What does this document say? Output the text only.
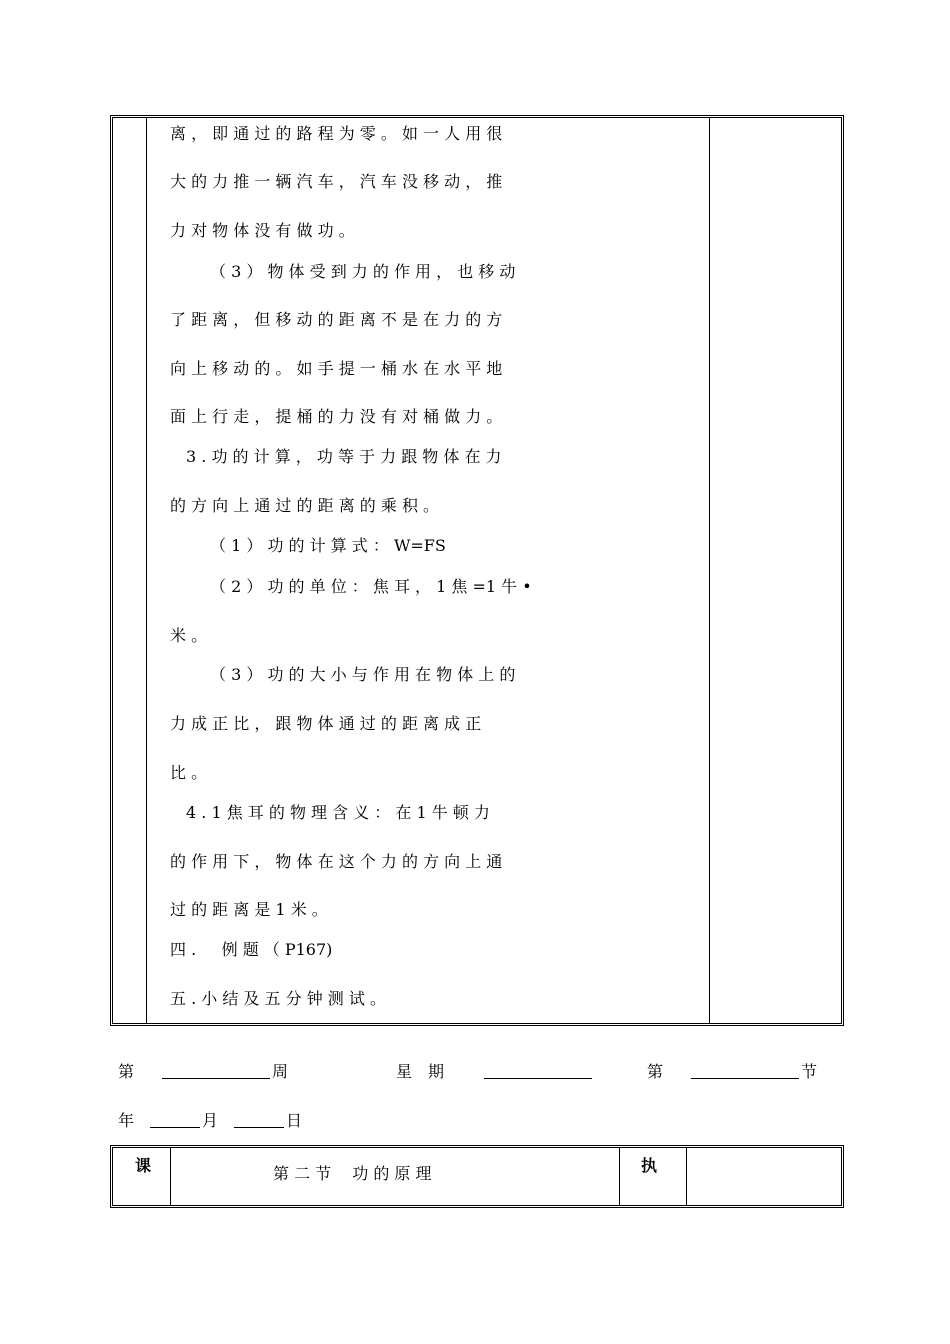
离 ， 即 通 过 的 路 程 为 零 。 如 一 人 用 很
大 的 力 推 一 辆 汽 车 ， 汽 车 没 移 动 ， 推
力 对 物 体 没 有 做 功 。
（ 3 ） 物 体 受 到 力 的 作 用 ， 也 移 动
了 距 离 ， 但 移 动 的 距 离 不 是 在 力 的 方
向 上 移 动 的 。 如 手 提 一 桶 水 在 水 平 地
面 上 行 走 ， 提 桶 的 力 没 有 对 桶 做 力 。
3 . 功 的 计 算 ， 功 等 于 力 跟 物 体 在 力
的 方 向 上 通 过 的 距 离 的 乘 积 。
（ 1 ） 功 的 计 算 式 ： W=FS
（ 2 ） 功 的 单 位 ： 焦 耳 ， 1 焦 =1 牛 •
米 。
（ 3 ） 功 的 大 小 与 作 用 在 物 体 上 的
力 成 正 比 ， 跟 物 体 通 过 的 距 离 成 正
比 。
4 . 1 焦 耳 的 物 理 含 义 ： 在 1 牛 顿 力
的 作 用 下 ， 物 体 在 这 个 力 的 方 向 上 通
过 的 距 离 是 1 米 。
四 .     例 题 （ P167)
五 . 小 结 及 五 分 钟 测 试 。
第	周	星　期	第	节
年	月	日
课	第 二 节　 功 的 原 理	执
